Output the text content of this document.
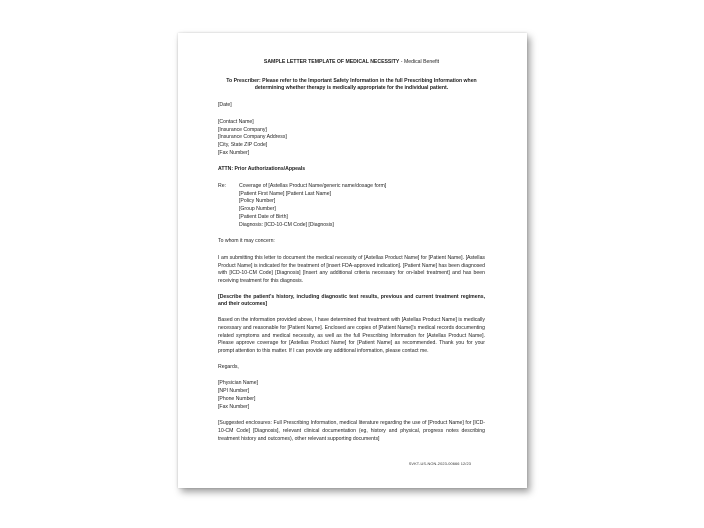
SAMPLE LETTER TEMPLATE OF MEDICAL NECESSITY - Medical Benefit
To Prescriber: Please refer to the Important Safety Information in the full Prescribing Information when determining whether therapy is medically appropriate for the individual patient.
[Date]
[Contact Name]
[Insurance Company]
[Insurance Company Address]
[City, State ZIP Code]
[Fax Number]
ATTN: Prior Authorizations/Appeals
Re:	Coverage of [Astellas Product Name/generic name/dosage form]
[Patient First Name] [Patient Last Name]
[Policy Number]
[Group Number]
[Patient Date of Birth]
Diagnosis: [ICD-10-CM Code] [Diagnosis]
To whom it may concern:
I am submitting this letter to document the medical necessity of [Astellas Product Name] for [Patient Name]. [Astellas Product Name] is indicated for the treatment of [insert FDA-approved indication]. [Patient Name] has been diagnosed with [ICD-10-CM Code] [Diagnosis] [Insert any additional criteria necessary for on-label treatment] and has been receiving treatment for this diagnosis.
[Describe the patient's history, including diagnostic test results, previous and current treatment regimens, and their outcomes]
Based on the information provided above, I have determined that treatment with [Astellas Product Name] is medically necessary and reasonable for [Patient Name]. Enclosed are copies of [Patient Name]'s medical records documenting related symptoms and medical necessity, as well as the full Prescribing Information for [Astellas Product Name]. Please approve coverage for [Astellas Product Name] for [Patient Name] as recommended. Thank you for your prompt attention to this matter. If I can provide any additional information, please contact me.
Regards,
[Physician Name]
[NPI Number]
[Phone Number]
[Fax Number]
[Suggested enclosures: Full Prescribing Information, medical literature regarding the use of [Product Name] for [ICD-10-CM Code] [Diagnosis], relevant clinical documentation (eg, history and physical, progress notes describing treatment history and outcomes), other relevant supporting documents]
SVKT-US-NON-2023-00666 12/23
